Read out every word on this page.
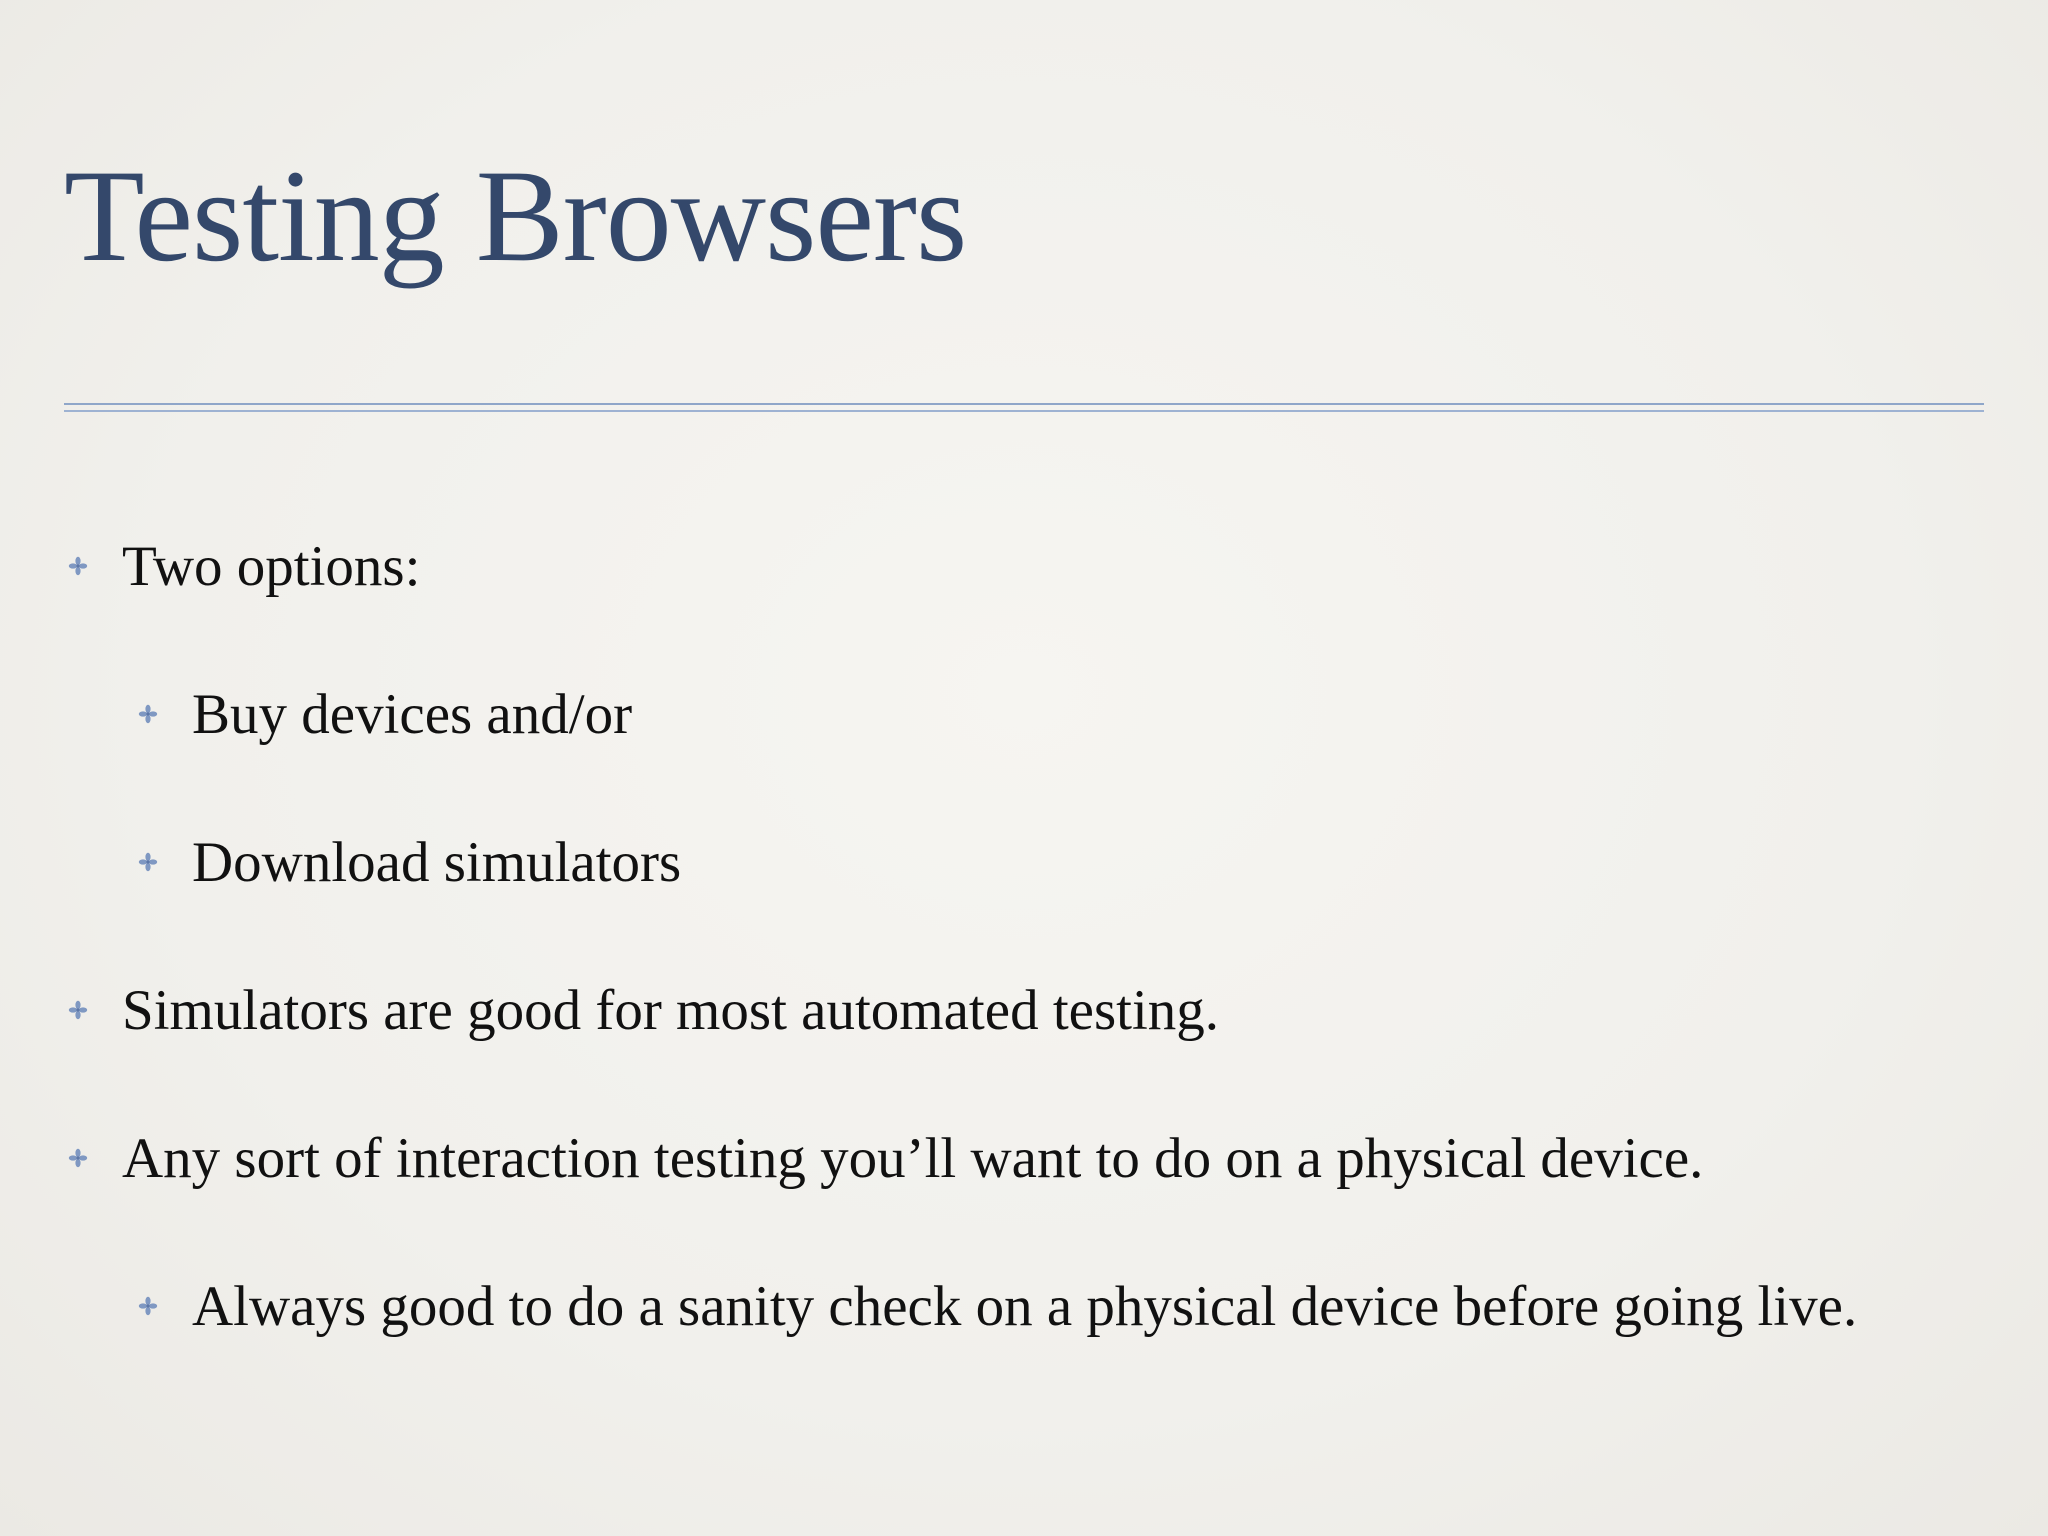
Testing Browsers
Two options:
Buy devices and/or
Download simulators
Simulators are good for most automated testing.
Any sort of interaction testing you’ll want to do on a physical device.
Always good to do a sanity check on a physical device before going live.
